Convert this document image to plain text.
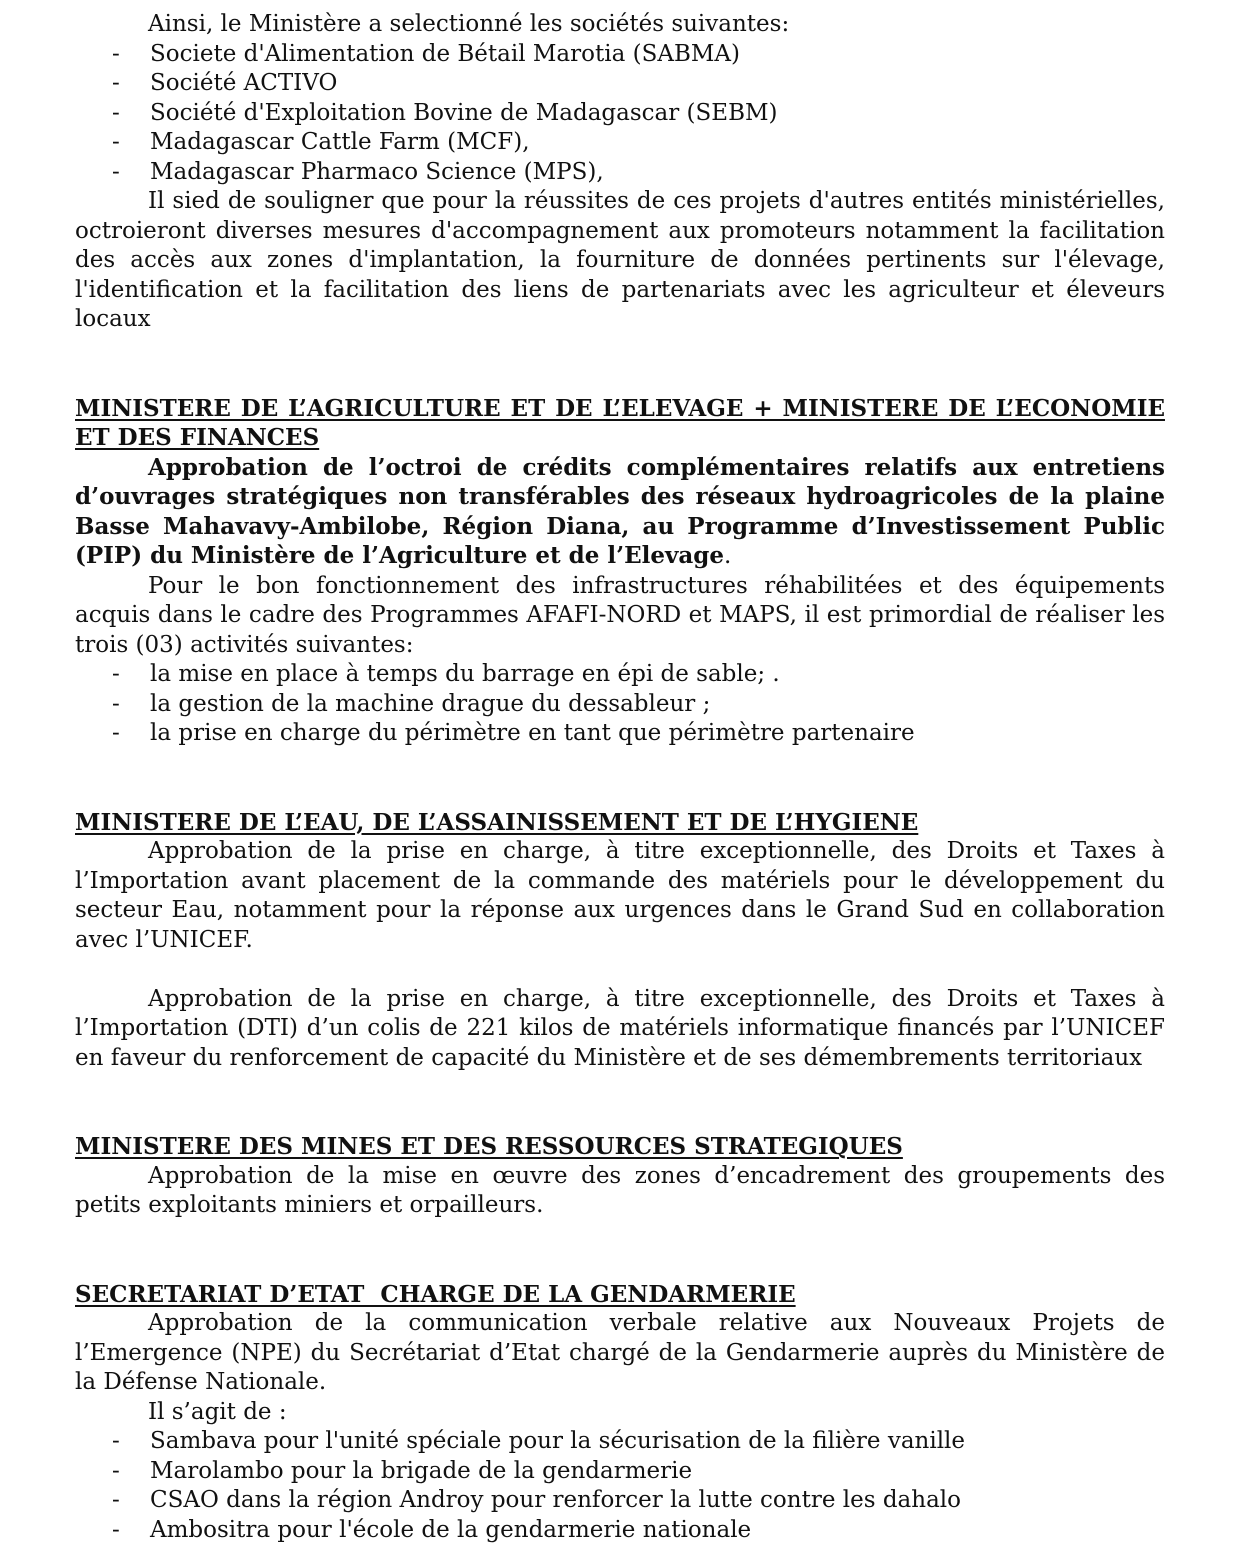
Ainsi, le Ministère a selectionné les sociétés suivantes:
- Societe d'Alimentation de Bétail Marotia (SABMA)
- Société ACTIVO
- Société d'Exploitation Bovine de Madagascar (SEBM)
- Madagascar Cattle Farm (MCF),
- Madagascar Pharmaco Science (MPS),
Il sied de souligner que pour la réussites de ces projets d'autres entités ministérielles, octroieront diverses mesures d'accompagnement aux promoteurs notamment la facilitation des accès aux zones d'implantation, la fourniture de données pertinents sur l'élevage, l'identification et la facilitation des liens de partenariats avec les agriculteur et éleveurs locaux
MINISTERE DE L’AGRICULTURE ET DE L’ELEVAGE + MINISTERE DE L’ECONOMIE ET DES FINANCES
Approbation de l’octroi de crédits complémentaires relatifs aux entretiens d’ouvrages stratégiques non transférables des réseaux hydroagricoles de la plaine Basse Mahavavy-Ambilobe, Région Diana, au Programme d’Investissement Public (PIP) du Ministère de l’Agriculture et de l’Elevage.
Pour le bon fonctionnement des infrastructures réhabilitées et des équipements acquis dans le cadre des Programmes AFAFI-NORD et MAPS, il est primordial de réaliser les trois (03) activités suivantes:
- la mise en place à temps du barrage en épi de sable; .
- la gestion de la machine drague du dessableur ;
- la prise en charge du périmètre en tant que périmètre partenaire
MINISTERE DE L’EAU, DE L’ASSAINISSEMENT ET DE L’HYGIENE
Approbation de la prise en charge, à titre exceptionnelle, des Droits et Taxes à l’Importation avant placement de la commande des matériels pour le développement du secteur Eau, notamment pour la réponse aux urgences dans le Grand Sud en collaboration avec l’UNICEF.
Approbation de la prise en charge, à titre exceptionnelle, des Droits et Taxes à l’Importation (DTI) d’un colis de 221 kilos de matériels informatique financés par l’UNICEF en faveur du renforcement de capacité du Ministère et de ses démembrements territoriaux
MINISTERE DES MINES ET DES RESSOURCES STRATEGIQUES
Approbation de la mise en œuvre des zones d’encadrement des groupements des petits exploitants miniers et orpailleurs.
SECRETARIAT D’ETAT  CHARGE DE LA GENDARMERIE
Approbation de la communication verbale relative aux Nouveaux Projets de l’Emergence (NPE) du Secrétariat d’Etat chargé de la Gendarmerie auprès du Ministère de la Défense Nationale.
Il s’agit de :
- Sambava pour l'unité spéciale pour la sécurisation de la filière vanille
- Marolambo pour la brigade de la gendarmerie
- CSAO dans la région Androy pour renforcer la lutte contre les dahalo
- Ambositra pour l'école de la gendarmerie nationale
